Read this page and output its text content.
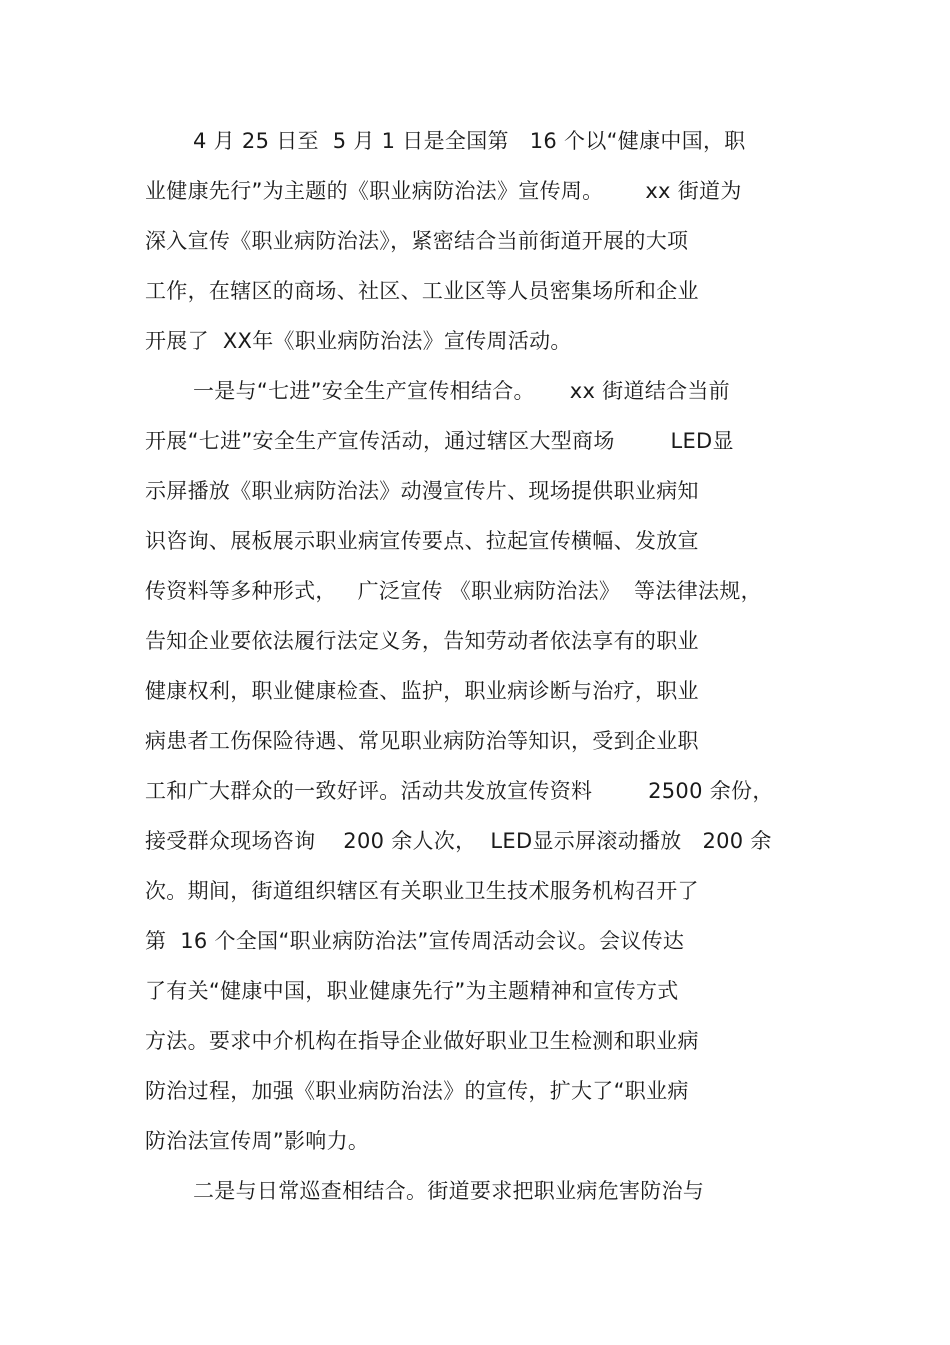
4 月 25 日至  5 月 1 日是全国第   16 个以“健康中国，职
业健康先行”为主题的《职业病防治法》宣传周。      xx 街道为
深入宣传《职业病防治法》，紧密结合当前街道开展的大项
工作，在辖区的商场、社区、工业区等人员密集场所和企业
开展了  XX年《职业病防治法》宣传周活动。
一是与“七进”安全生产宣传相结合。     xx 街道结合当前
开展“七进”安全生产宣传活动，通过辖区大型商场        LED显
示屏播放《职业病防治法》动漫宣传片、现场提供职业病知
识咨询、展板展示职业病宣传要点、拉起宣传横幅、发放宣
传资料等多种形式，   广泛宣传 《职业病防治法》  等法律法规，
告知企业要依法履行法定义务，告知劳动者依法享有的职业
健康权利，职业健康检查、监护，职业病诊断与治疗，职业
病患者工伤保险待遇、常见职业病防治等知识，受到企业职
工和广大群众的一致好评。活动共发放宣传资料        2500 余份，
接受群众现场咨询    200 余人次，  LED显示屏滚动播放   200 余
次。期间，街道组织辖区有关职业卫生技术服务机构召开了
第  16 个全国“职业病防治法”宣传周活动会议。会议传达
了有关“健康中国，职业健康先行”为主题精神和宣传方式
方法。要求中介机构在指导企业做好职业卫生检测和职业病
防治过程，加强《职业病防治法》的宣传，扩大了“职业病
防治法宣传周”影响力。
二是与日常巡查相结合。街道要求把职业病危害防治与
